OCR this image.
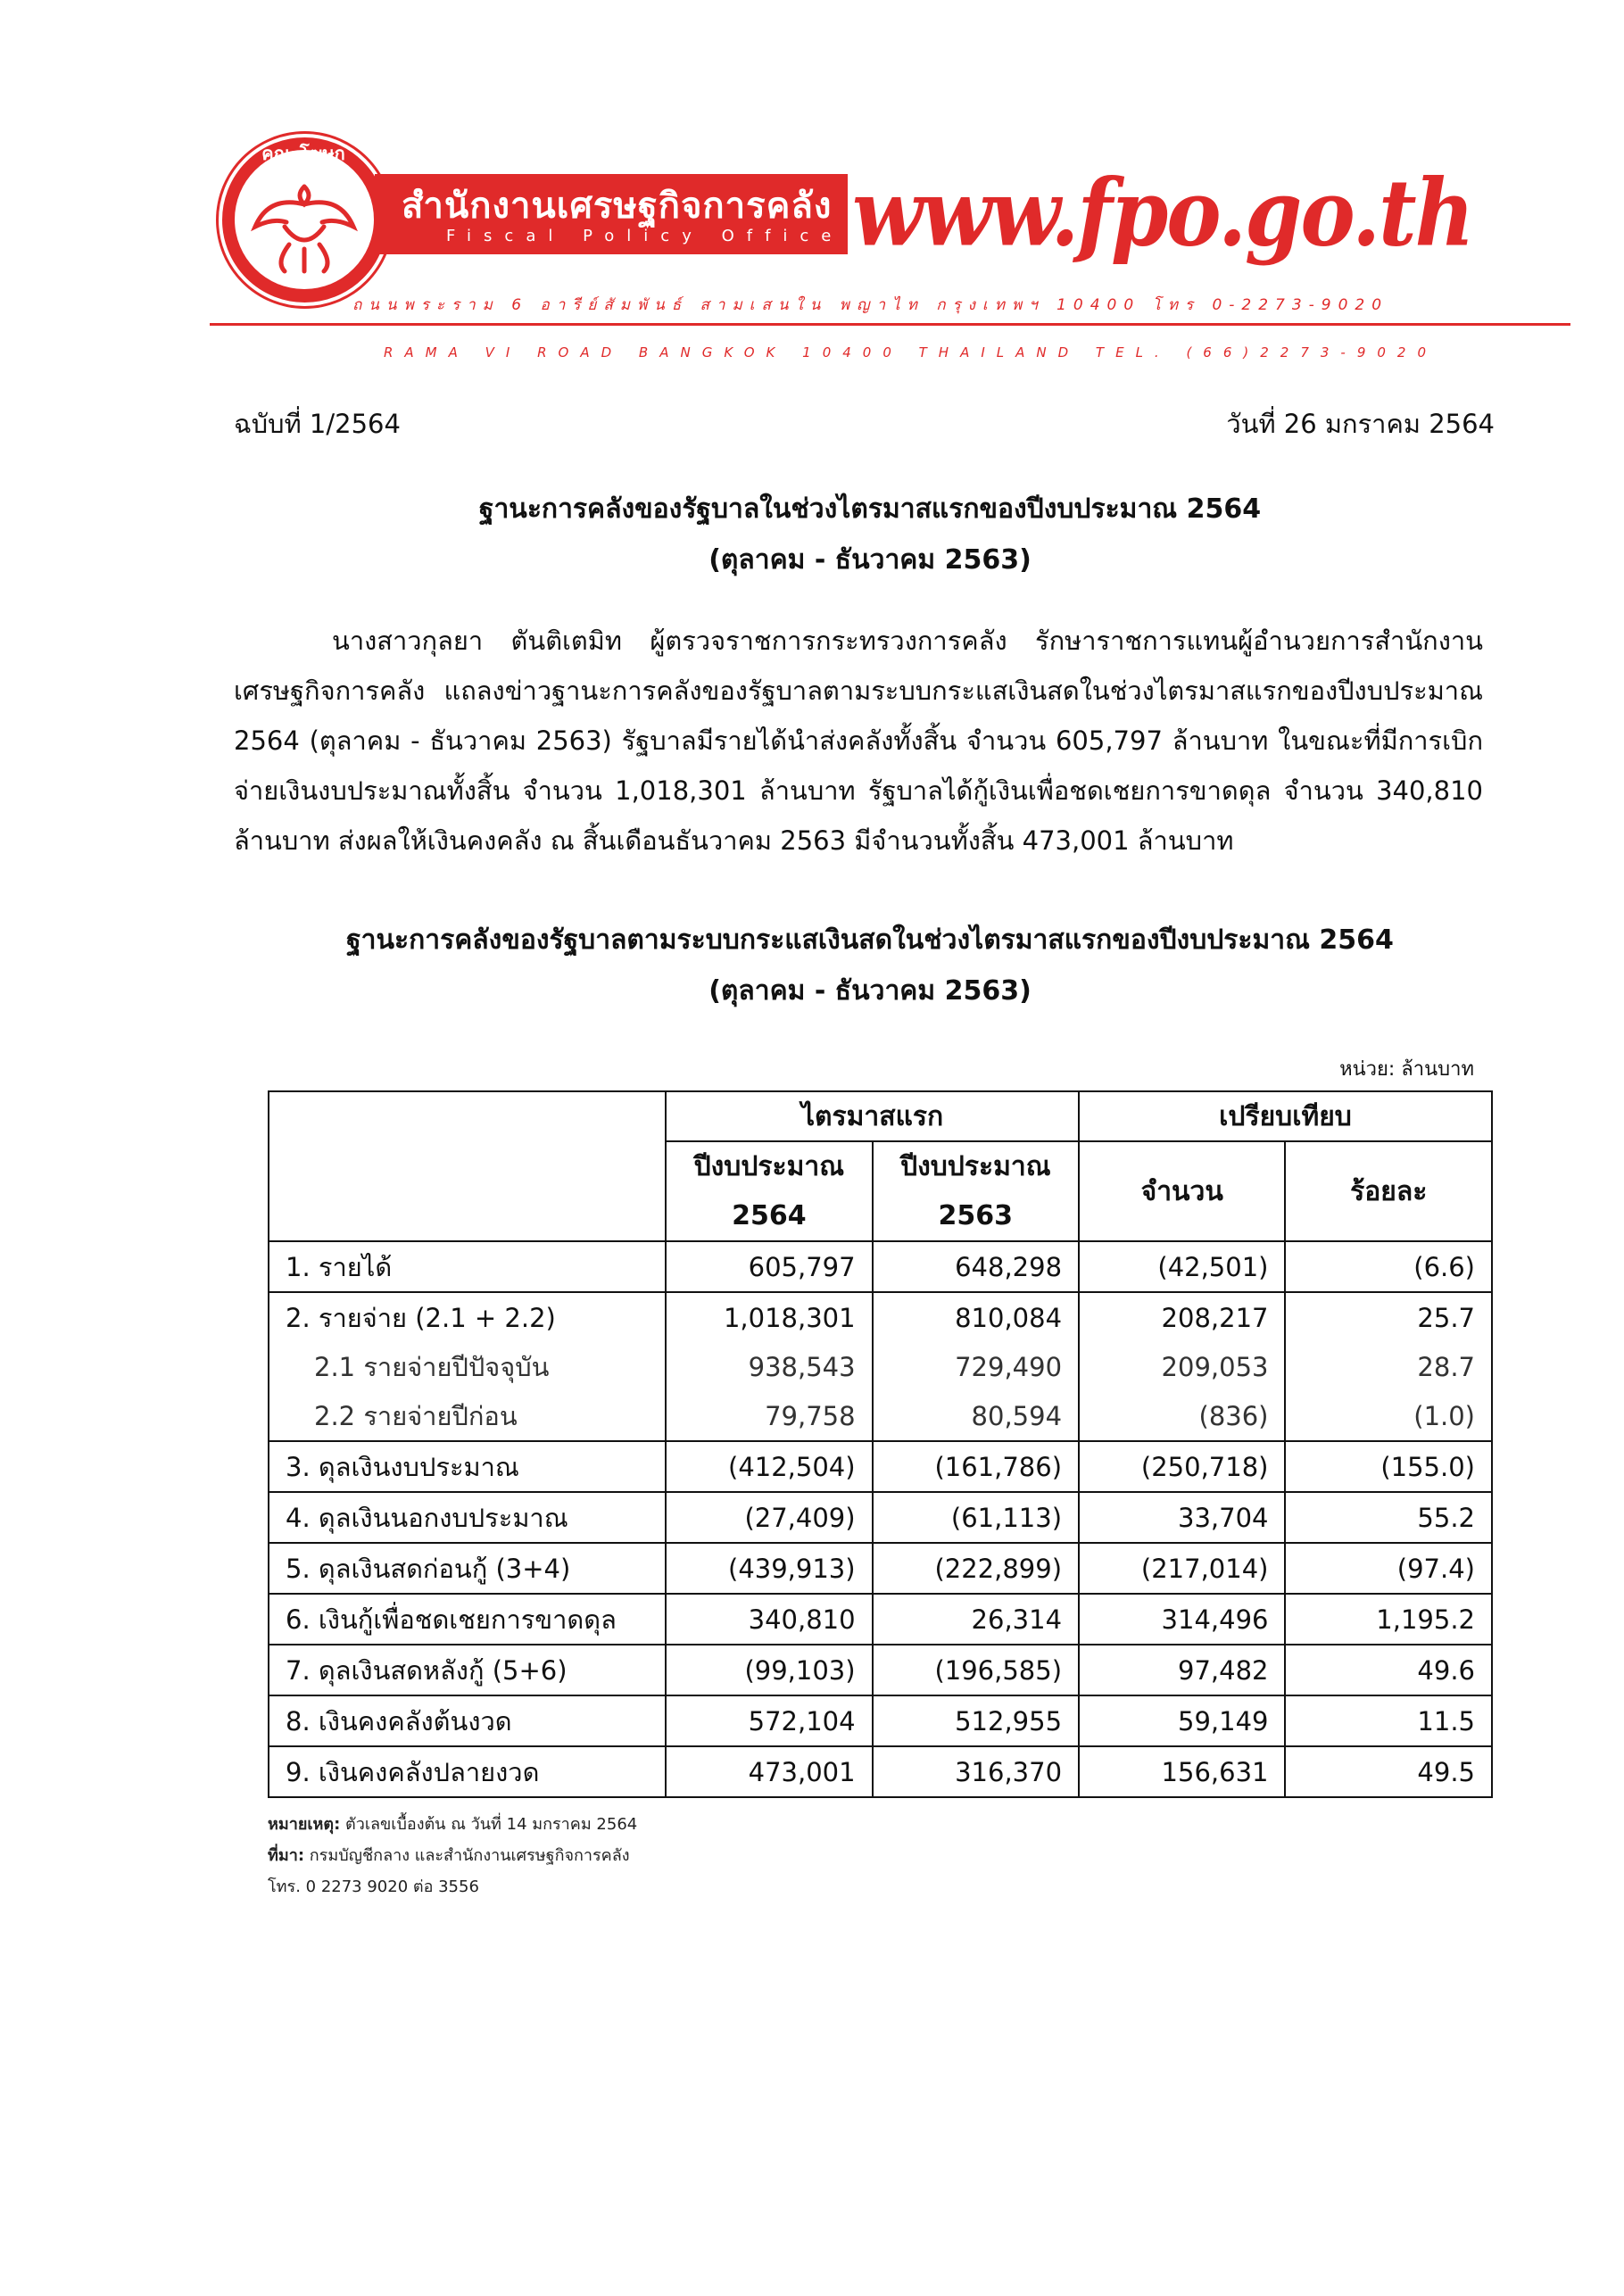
คณะโฆษก
สำนักงานเศรษฐกิจการคลัง
Fiscal Policy Office www.fpo.go.th
ถนนพระราม 6 อารีย์สัมพันธ์ สามเสนใน พญาไท กรุงเทพฯ 10400 โทร 0-2273-9020
RAMA VI ROAD BANGKOK 10400 THAILAND TEL. (66)2273-9020
ฉบับที่ 1/2564	วันที่ 26 มกราคม 2564
ฐานะการคลังของรัฐบาลในช่วงไตรมาสแรกของปีงบประมาณ 2564
(ตุลาคม - ธันวาคม 2563)
นางสาวกุลยา ตันติเตมิท ผู้ตรวจราชการกระทรวงการคลัง รักษาราชการแทนผู้อำนวยการสำนักงานเศรษฐกิจการคลัง แถลงข่าวฐานะการคลังของรัฐบาลตามระบบกระแสเงินสดในช่วงไตรมาสแรกของปีงบประมาณ 2564 (ตุลาคม - ธันวาคม 2563) รัฐบาลมีรายได้นำส่งคลังทั้งสิ้น จำนวน 605,797 ล้านบาท ในขณะที่มีการเบิกจ่ายเงินงบประมาณทั้งสิ้น จำนวน 1,018,301 ล้านบาท รัฐบาลได้กู้เงินเพื่อชดเชยการขาดดุล จำนวน 340,810 ล้านบาท ส่งผลให้เงินคงคลัง ณ สิ้นเดือนธันวาคม 2563 มีจำนวนทั้งสิ้น 473,001 ล้านบาท
ฐานะการคลังของรัฐบาลตามระบบกระแสเงินสดในช่วงไตรมาสแรกของปีงบประมาณ 2564
(ตุลาคม - ธันวาคม 2563)
หน่วย: ล้านบาท
	ไตรมาสแรก		เปรียบเทียบ	
	ปีงบประมาณ	ปีงบประมาณ	จำนวน	ร้อยละ
	2564	2563		
1. รายได้	605,797	648,298	(42,501)	(6.6)
2. รายจ่าย (2.1 + 2.2)	1,018,301	810,084	208,217	25.7
2.1 รายจ่ายปีปัจจุบัน	938,543	729,490	209,053	28.7
2.2 รายจ่ายปีก่อน	79,758	80,594	(836)	(1.0)
3. ดุลเงินงบประมาณ	(412,504)	(161,786)	(250,718)	(155.0)
4. ดุลเงินนอกงบประมาณ	(27,409)	(61,113)	33,704	55.2
5. ดุลเงินสดก่อนกู้ (3+4)	(439,913)	(222,899)	(217,014)	(97.4)
6. เงินกู้เพื่อชดเชยการขาดดุล	340,810	26,314	314,496	1,195.2
7. ดุลเงินสดหลังกู้ (5+6)	(99,103)	(196,585)	97,482	49.6
8. เงินคงคลังต้นงวด	572,104	512,955	59,149	11.5
9. เงินคงคลังปลายงวด	473,001	316,370	156,631	49.5
หมายเหตุ: ตัวเลขเบื้องต้น ณ วันที่ 14 มกราคม 2564
ที่มา: กรมบัญชีกลาง และสำนักงานเศรษฐกิจการคลัง
โทร. 0 2273 9020 ต่อ 3556
